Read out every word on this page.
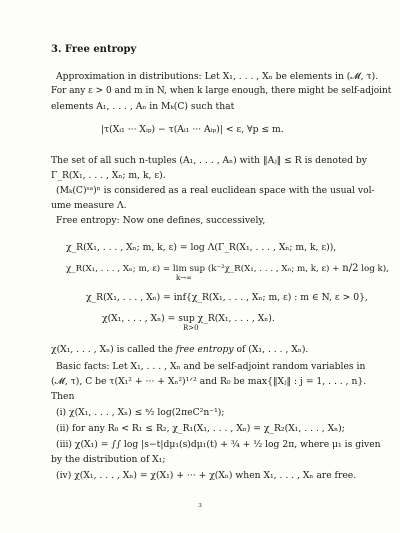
3. Free entropy
Approximation in distributions: Let X₁, . . . , Xₙ be elements in (𝓜, τ).
For any ε > 0 and m in N, when k large enough, there might be self-adjoint
elements A₁, . . . , Aₙ in Mₖ(C) such that
|τ(Xᵢ₁ ··· Xᵢₚ) − τ(Aᵢ₁ ··· Aᵢₚ)| < ε, ∀p ≤ m.
The set of all such n-tuples (A₁, . . . , Aₙ) with ‖Aⱼ‖ ≤ R is denoted by
Γ_R(X₁, . . . , Xₙ; m, k, ε).
(Mₖ(C)ˢᵃ)ⁿ is considered as a real euclidean space with the usual vol-
ume measure Λ.
Free entropy: Now one defines, successively,
χ_R(X₁, . . . , Xₙ; m, k, ε) = log Λ(Γ_R(X₁, . . . , Xₙ; m, k, ε)),
χ_R(X₁, . . . , Xₙ; m, ε) = lim sup (k⁻²χ_R(X₁, . . . , Xₙ; m, k, ε) + n/2 log k),
k→∞
χ_R(X₁, . . . , Xₙ) = inf{χ_R(X₁, . . . , Xₙ; m, ε) : m ∈ N, ε > 0},
χ(X₁, . . . , Xₙ) = sup χ_R(X₁, . . . , Xₙ).
R>0
χ(X₁, . . . , Xₙ) is called the free entropy of (X₁, . . . , Xₙ).
Basic facts: Let X₁, . . . , Xₙ and be self-adjoint random variables in
(𝓜, τ), C be τ(X₁² + ··· + Xₙ²)¹ᐟ² and R₀ be max{‖Xⱼ‖ : j = 1, . . . , n}.
Then
(i) χ(X₁, . . . , Xₙ) ≤ ⁿ⁄₂ log(2πeC²n⁻¹);
(ii) for any R₀ < R₁ ≤ R₂, χ_R₁(X₁, . . . , Xₙ) = χ_R₂(X₁, . . . , Xₙ);
(iii) χ(X₁) = ∫∫ log |s−t|dμ₁(s)dμ₁(t) + ¾ + ½ log 2π, where μ₁ is given
by the distribution of X₁;
(iv) χ(X₁, . . . , Xₙ) = χ(X₁) + ··· + χ(Xₙ) when X₁, . . . , Xₙ are free.
3
